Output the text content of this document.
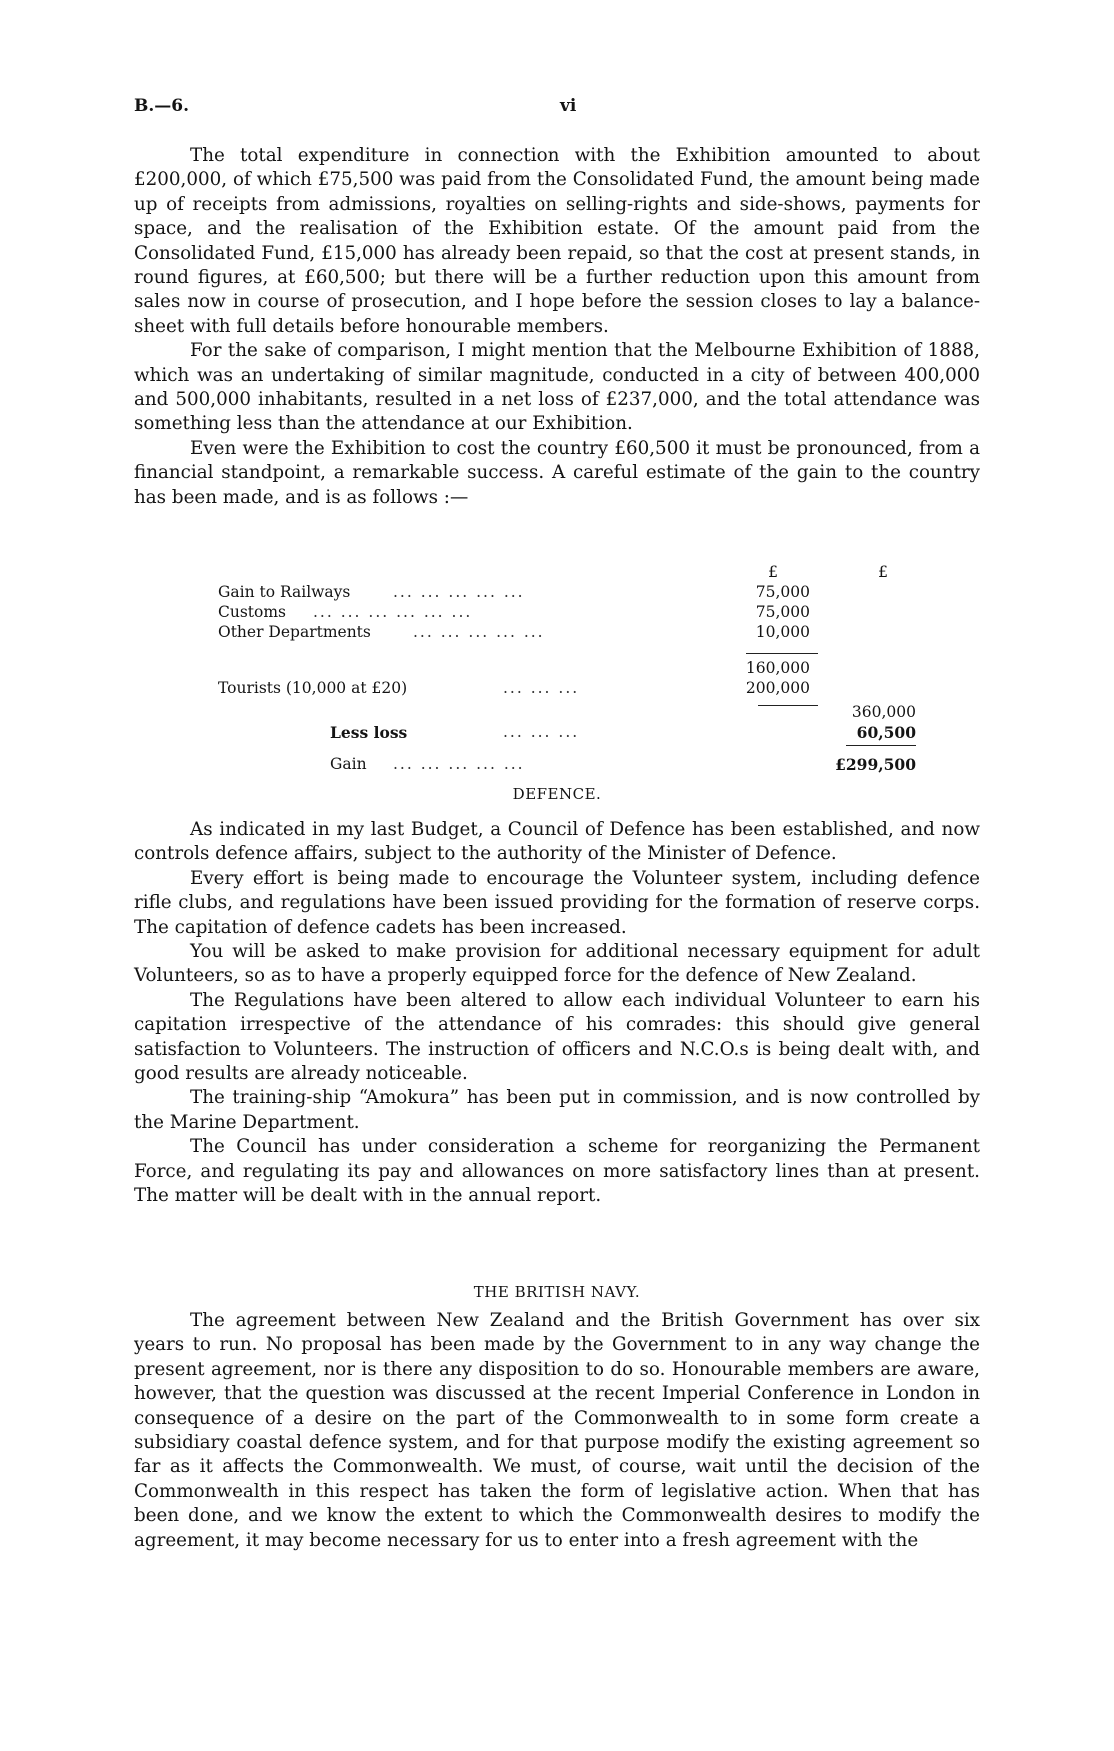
B.—6.	vi

The total expenditure in connection with the Exhibition amounted to about £200,000, of which £75,500 was paid from the Consolidated Fund, the amount being made up of receipts from admissions, royalties on selling-rights and side-shows, payments for space, and the realisation of the Exhibition estate. Of the amount paid from the Consolidated Fund, £15,000 has already been repaid, so that the cost at present stands, in round figures, at £60,500; but there will be a further reduction upon this amount from sales now in course of prosecution, and I hope before the session closes to lay a balance-sheet with full details before honourable members.

For the sake of comparison, I might mention that the Melbourne Exhibition of 1888, which was an undertaking of similar magnitude, conducted in a city of between 400,000 and 500,000 inhabitants, resulted in a net loss of £237,000, and the total attendance was something less than the attendance at our Exhibition.

Even were the Exhibition to cost the country £60,500 it must be pronounced, from a financial standpoint, a remarkable success. A careful estimate of the gain to the country has been made, and is as follows :—

£	£
Gain to Railways	... ... ... ... ...	75,000
Customs ... ... ... ... ... ...	75,000
Other Departments	... ... ... ... ...	10,000
160,000
Tourists (10,000 at £20)	... ... ...	200,000
360,000
Less loss	... ... ...	60,500
Gain ... ... ... ... ...	£299,500
DEFENCE.

As indicated in my last Budget, a Council of Defence has been established, and now controls defence affairs, subject to the authority of the Minister of Defence.

Every effort is being made to encourage the Volunteer system, including defence rifle clubs, and regulations have been issued providing for the formation of reserve corps. The capitation of defence cadets has been increased.

You will be asked to make provision for additional necessary equipment for adult Volunteers, so as to have a properly equipped force for the defence of New Zealand.

The Regulations have been altered to allow each individual Volunteer to earn his capitation irrespective of the attendance of his comrades: this should give general satisfaction to Volunteers. The instruction of officers and N.C.O.s is being dealt with, and good results are already noticeable.

The training-ship “Amokura” has been put in commission, and is now controlled by the Marine Department.

The Council has under consideration a scheme for reorganizing the Permanent Force, and regulating its pay and allowances on more satisfactory lines than at present. The matter will be dealt with in the annual report.

THE BRITISH NAVY.

The agreement between New Zealand and the British Government has over six years to run. No proposal has been made by the Government to in any way change the present agreement, nor is there any disposition to do so. Honourable members are aware, however, that the question was discussed at the recent Imperial Conference in London in consequence of a desire on the part of the Commonwealth to in some form create a subsidiary coastal defence system, and for that purpose modify the existing agreement so far as it affects the Commonwealth. We must, of course, wait until the decision of the Commonwealth in this respect has taken the form of legislative action. When that has been done, and we know the extent to which the Commonwealth desires to modify the agreement, it may become necessary for us to enter into a fresh agreement with the
